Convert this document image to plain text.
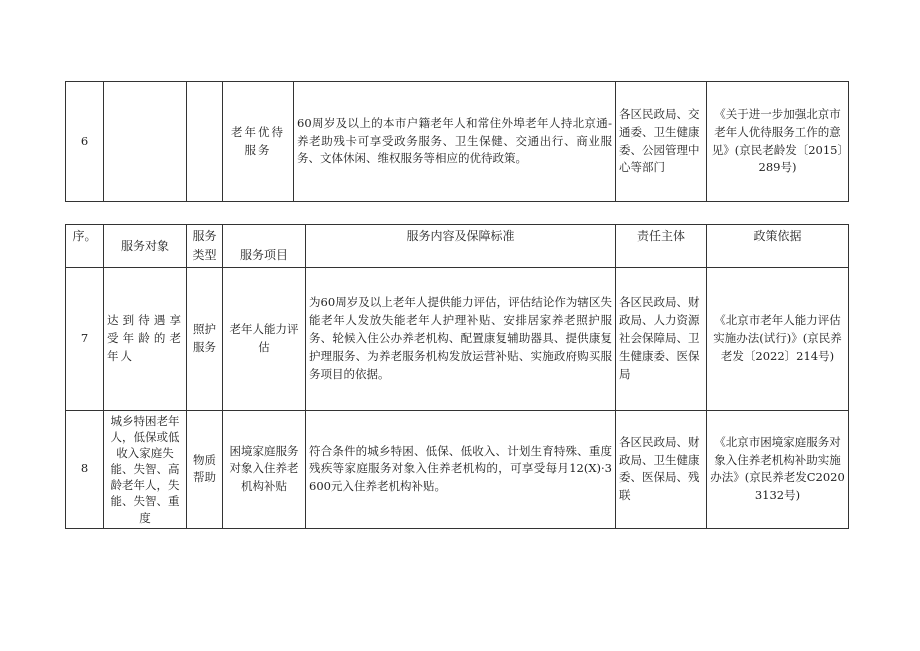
6			老年优待服务	60周岁及以上的本市户籍老年人和常住外埠老年人持北京通-养老助残卡可享受政务服务、卫生保健、交通出行、商业服务、文体休闲、维权服务等相应的优待政策。	各区民政局、交通委、卫生健康委、公园管理中心等部门	《关于进一步加强北京市老年人优待服务工作的意见》(京民老龄发〔2015〕289号)
序。	服务对象	服务类型	服务项目	服务内容及保障标准	责任主体	政策依据
7	达到待遇享受年龄的老年人	照护服务	老年人能力评估	为60周岁及以上老年人提供能力评估，评估结论作为辖区失能老年人发放失能老年人护理补贴、安排居家养老照护服务、轮候入住公办养老机构、配置康复辅助器具、提供康复护理服务、为养老服务机构发放运营补贴、实施政府购买服务项目的依据。	各区民政局、财政局、人力资源社会保障局、卫生健康委、医保局	《北京市老年人能力评估实施办法(试行)》(京民养老发〔2022〕214号)
8	城乡特困老年人，低保或低收入家庭失能、失智、高龄老年人，失能、失智、重度	物质帮助	困境家庭服务对象入住养老机构补贴	符合条件的城乡特困、低保、低收入、计划生育特殊、重度残疾等家庭服务对象入住养老机构的，可享受每月12(X)·3600元入住养老机构补贴。	各区民政局、财政局、卫生健康委、医保局、残联	《北京市困境家庭服务对象入住养老机构补助实施办法》(京民养老发C20203132号)
